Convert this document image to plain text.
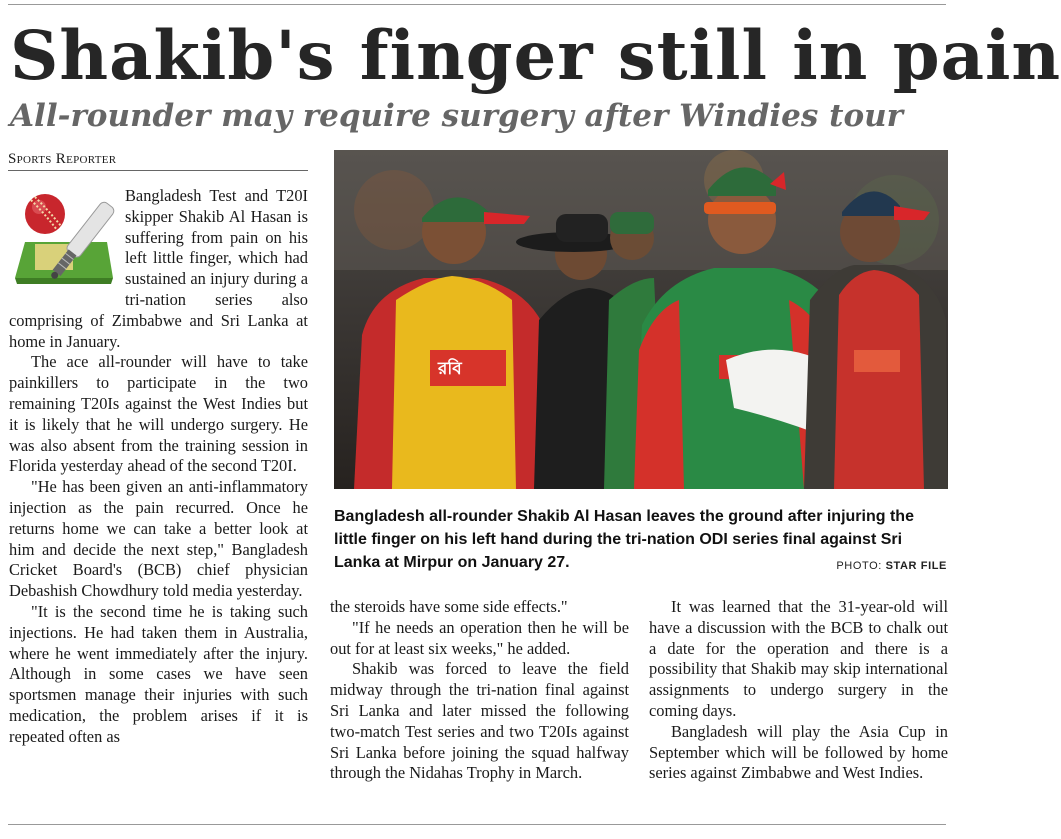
Shakib's finger still in pain
All-rounder may require surgery after Windies tour
Sports Reporter

Bangladesh Test and T20I skipper Shakib Al Hasan is suffering from pain on his left little finger, which had sustained an injury during a tri-nation series also comprising of Zimbabwe and Sri Lanka at home in January.

The ace all-rounder will have to take painkillers to participate in the two remaining T20Is against the West Indies but it is likely that he will undergo surgery. He was also absent from the training session in Florida yesterday ahead of the second T20I.

"He has been given an anti-inflammatory injection as the pain recurred. Once he returns home we can take a better look at him and decide the next step," Bangladesh Cricket Board's (BCB) chief physician Debashish Chowdhury told media yesterday.

"It is the second time he is taking such injections. He had taken them in Australia, where he went immediately after the injury. Although in some cases we have seen sportsmen manage their injuries with such medication, the problem arises if it is repeated often as

রবি
Bangladesh all-rounder Shakib Al Hasan leaves the ground after injuring the little finger on his left hand during the tri-nation ODI series final against Sri Lanka at Mirpur on January 27.	PHOTO: STAR FILE

the steroids have some side effects."

"If he needs an operation then he will be out for at least six weeks," he added.

Shakib was forced to leave the field midway through the tri-nation final against Sri Lanka and later missed the following two-match Test series and two T20Is against Sri Lanka before joining the squad halfway through the Nidahas Trophy in March.

It was learned that the 31-year-old will have a discussion with the BCB to chalk out a date for the operation and there is a possibility that Shakib may skip international assignments to undergo surgery in the coming days.

Bangladesh will play the Asia Cup in September which will be followed by home series against Zimbabwe and West Indies.
